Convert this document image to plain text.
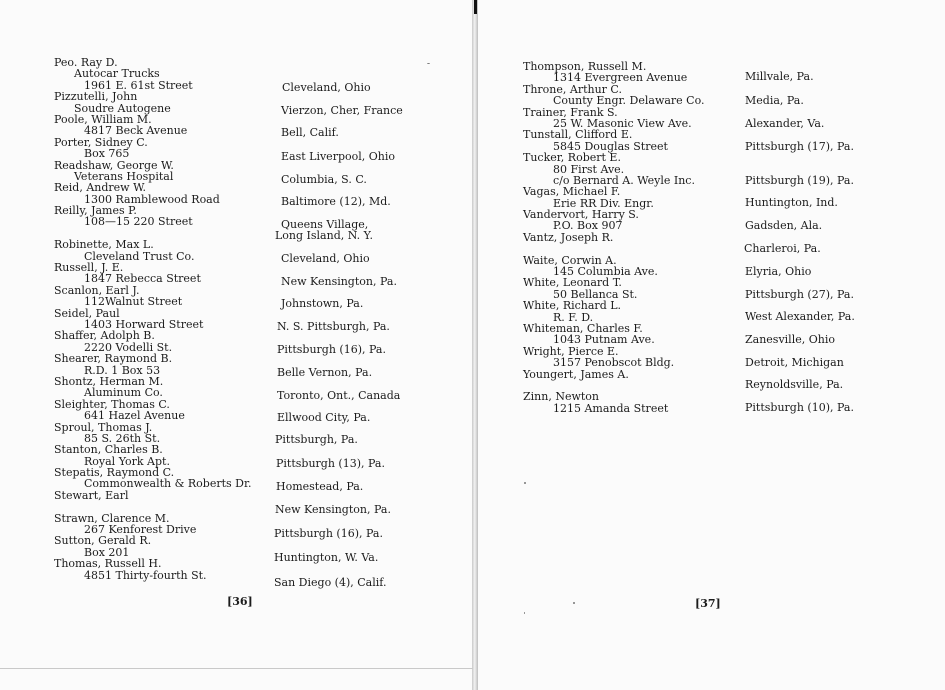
Peo. Ray D.
Autocar Trucks
1961 E. 61st Street
Pizzutelli, John
Soudre Autogene
Poole, William M.
4817 Beck Avenue
Porter, Sidney C.
Box 765
Readshaw, George W.
Veterans Hospital
Reid, Andrew W.
1300 Ramblewood Road
Reilly, James P.
108—15 220 Street
Robinette, Max L.
Cleveland Trust Co.
Russell, J. E.
1847 Rebecca Street
Scanlon, Earl J.
112Walnut Street
Seidel, Paul
1403 Horward Street
Shaffer, Adolph B.
2220 Vodelli St.
Shearer, Raymond B.
R.D. 1 Box 53
Shontz, Herman M.
Aluminum Co.
Sleighter, Thomas C.
641 Hazel Avenue
Sproul, Thomas J.
85 S. 26th St.
Stanton, Charles B.
Royal York Apt.
Stepatis, Raymond C.
Commonwealth & Roberts Dr.
Stewart, Earl
Strawn, Clarence M.
267 Kenforest Drive
Sutton, Gerald R.
Box 201
Thomas, Russell H.
4851 Thirty-fourth St.
Cleveland, Ohio
Vierzon, Cher, France
Bell, Calif.
East Liverpool, Ohio
Columbia, S. C.
Baltimore (12), Md.
Queens Village,
Long Island, N. Y.
Cleveland, Ohio
New Kensington, Pa.
Johnstown, Pa.
N. S. Pittsburgh, Pa.
Pittsburgh (16), Pa.
Belle Vernon, Pa.
Toronto, Ont., Canada
Ellwood City, Pa.
Pittsburgh, Pa.
Pittsburgh (13), Pa.
Homestead, Pa.
New Kensington, Pa.
Pittsburgh (16), Pa.
Huntington, W. Va.
San Diego (4), Calif.
[36]
Thompson, Russell M.
1314 Evergreen Avenue
Throne, Arthur C.
County Engr. Delaware Co.
Trainer, Frank S.
25 W. Masonic View Ave.
Tunstall, Clifford E.
5845 Douglas Street
Tucker, Robert E.
80 First Ave.
c/o Bernard A. Weyle Inc.
Vagas, Michael F.
Erie RR Div. Engr.
Vandervort, Harry S.
P.O. Box 907
Vantz, Joseph R.
Waite, Corwin A.
145 Columbia Ave.
White, Leonard T.
50 Bellanca St.
White, Richard L.
R. F. D.
Whiteman, Charles F.
1043 Putnam Ave.
Wright, Pierce E.
3157 Penobscot Bldg.
Youngert, James A.
Zinn, Newton
1215 Amanda Street
Millvale, Pa.
Media, Pa.
Alexander, Va.
Pittsburgh (17), Pa.
Pittsburgh (19), Pa.
Huntington, Ind.
Gadsden, Ala.
Charleroi, Pa.
Elyria, Ohio
Pittsburgh (27), Pa.
West Alexander, Pa.
Zanesville, Ohio
Detroit, Michigan
Reynoldsville, Pa.
Pittsburgh (10), Pa.
[37]
